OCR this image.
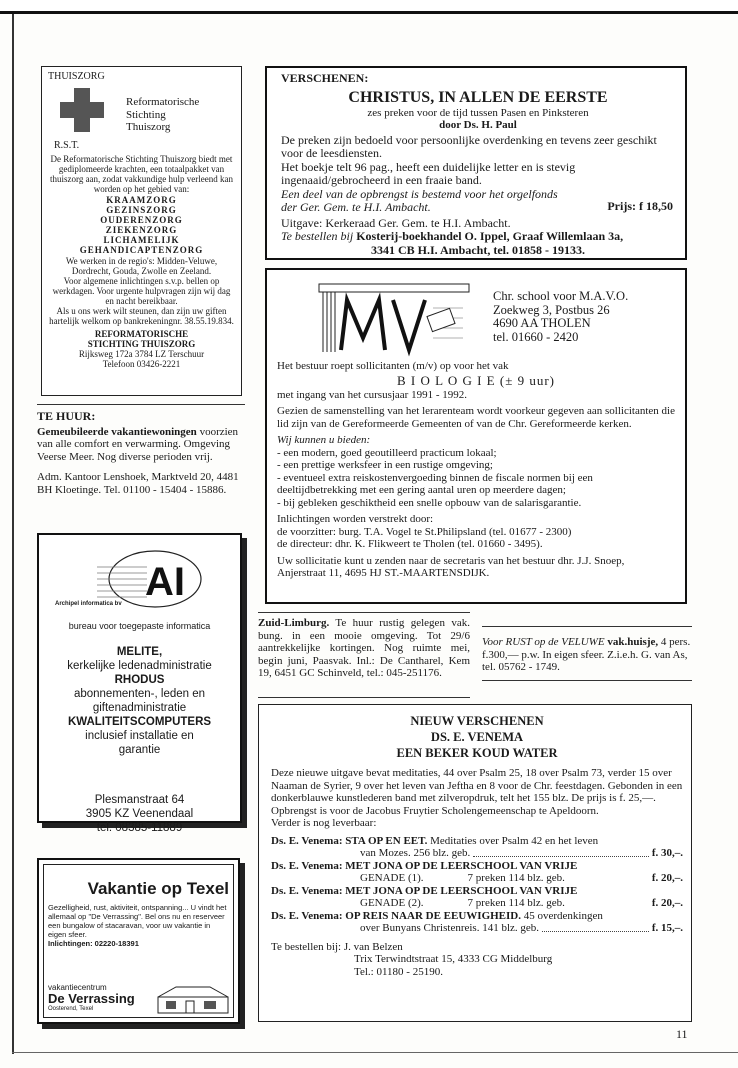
THUISZORG
Reformatorische
Stichting
Thuiszorg
R.S.T.
De Reformatorische Stichting Thuiszorg biedt met gediplomeerde krachten, een totaalpakket van thuiszorg aan, zodat vakkundige hulp verleend kan worden op het gebied van:
KRAAMZORG
GEZINSZORG
OUDERENZORG
ZIEKENZORG
LICHAMELIJK
GEHANDICAPTENZORG
We werken in de regio's: Midden-Veluwe, Dordrecht, Gouda, Zwolle en Zeeland.
Voor algemene inlichtingen s.v.p. bellen op werkdagen. Voor urgente hulpvragen zijn wij dag en nacht bereikbaar.
Als u ons werk wilt steunen, dan zijn uw giften hartelijk welkom op bankrekeningnr. 38.55.19.834.
REFORMATORISCHE
STICHTING THUISZORG
Rijksweg 172a 3784 LZ Terschuur
Telefoon 03426-2221
TE HUUR:
Gemeubileerde vakantiewoningen voorzien van alle comfort en verwarming. Omgeving Veerse Meer. Nog diverse perioden vrij.
Adm. Kantoor Lenshoek, Marktveld 20, 4481 BH Kloetinge. Tel. 01100 - 15404 - 15886.
AI
Archipel informatica bv
bureau voor toegepaste informatica
MELITE,
kerkelijke ledenadministratie
RHODUS
abonnementen-, leden en giftenadministratie
KWALITEITSCOMPUTERS
inclusief installatie en garantie
Plesmanstraat 64
3905 KZ Veenendaal
tel. 08385-11889
Vakantie op Texel
Gezelligheid, rust, aktiviteit, ontspanning... U vindt het allemaal op "De Verrassing". Bel ons nu en reserveer een bungalow of stacaravan, voor uw vakantie in eigen sfeer.
Inlichtingen: 02220-18391
vakantiecentrum
De Verrassing
Oosterend, Texel
VERSCHENEN:
CHRISTUS, IN ALLEN DE EERSTE
zes preken voor de tijd tussen Pasen en Pinksteren
door Ds. H. Paul
De preken zijn bedoeld voor persoonlijke overdenking en tevens zeer geschikt voor de leesdiensten.
Het boekje telt 96 pag., heeft een duidelijke letter en is stevig ingenaaid/gebrocheerd in een fraaie band.
Een deel van de opbrengst is bestemd voor het orgelfonds der Ger. Gem. te H.I. Ambacht.	Prijs: f 18,50
Uitgave: Kerkeraad Ger. Gem. te H.I. Ambacht.
Te bestellen bij Kosterij-boekhandel O. Ippel, Graaf Willemlaan 3a,
3341 CB H.I. Ambacht, tel. 01858 - 19133.
Chr. school voor M.A.V.O.
Zoekweg 3, Postbus 26
4690 AA THOLEN
tel. 01660 - 2420
Het bestuur roept sollicitanten (m/v) op voor het vak
B I O L O G I E (± 9 uur)
met ingang van het cursusjaar 1991 - 1992.
Gezien de samenstelling van het lerarenteam wordt voorkeur gegeven aan sollicitanten die lid zijn van de Gereformeerde Gemeenten of van de Chr. Gereformeerde kerken.
Wij kunnen u bieden:
- een modern, goed geoutilleerd practicum lokaal;
- een prettige werksfeer in een rustige omgeving;
- eventueel extra reiskostenvergoeding binnen de fiscale normen bij een deeltijdbetrekking met een gering aantal uren op meerdere dagen;
- bij gebleken geschiktheid een snelle opbouw van de salarisgarantie.
Inlichtingen worden verstrekt door:
de voorzitter: burg. T.A. Vogel te St.Philipsland (tel. 01677 - 2300)
de directeur: dhr. K. Flikweert te Tholen (tel. 01660 - 3495).
Uw sollicitatie kunt u zenden naar de secretaris van het bestuur dhr. J.J. Snoep, Anjerstraat 11, 4695 HJ ST.-MAARTENSDIJK.
Zuid-Limburg. Te huur rustig gelegen vak. bung. in een mooie omgeving. Tot 29/6 aantrekkelijke kortingen. Nog ruimte mei, begin juni, Paasvak. Inl.: De Cantharel, Kem 19, 6451 GC Schinveld, tel.: 045-251176.
Voor RUST op de VELUWE vak.huisje, 4 pers. f.300,— p.w. In eigen sfeer. Z.i.e.h. G. van As, tel. 05762 - 1749.
NIEUW VERSCHENEN
DS. E. VENEMA
EEN BEKER KOUD WATER
Deze nieuwe uitgave bevat meditaties, 44 over Psalm 25, 18 over Psalm 73, verder 15 over Naaman de Syrier, 9 over het leven van Jeftha en 8 voor de Chr. feestdagen. Gebonden in een donkerblauwe kunstlederen band met zilveropdruk, telt het 155 blz. De prijs is f. 25,—. Opbrengst is voor de Jacobus Fruytier Scholengemeenschap te Apeldoorn.
Verder is nog leverbaar:
Ds. E. Venema: STA OP EN EET. Meditaties over Psalm 42 en het leven
van Mozes. 256 blz. geb.	f. 30,–.
Ds. E. Venema: MET JONA OP DE LEERSCHOOL VAN VRIJE
GENADE (1).                7 preken 114 blz. geb.	f. 20,–.
Ds. E. Venema: MET JONA OP DE LEERSCHOOL VAN VRIJE
GENADE (2).                7 preken 114 blz. geb.	f. 20,–.
Ds. E. Venema: OP REIS NAAR DE EEUWIGHEID. 45 overdenkingen
over Bunyans Christenreis. 141 blz. geb.	f. 15,–.
Te bestellen bij: J. van Belzen
Trix Terwindtstraat 15, 4333 CG Middelburg
Tel.: 01180 - 25190.
11
